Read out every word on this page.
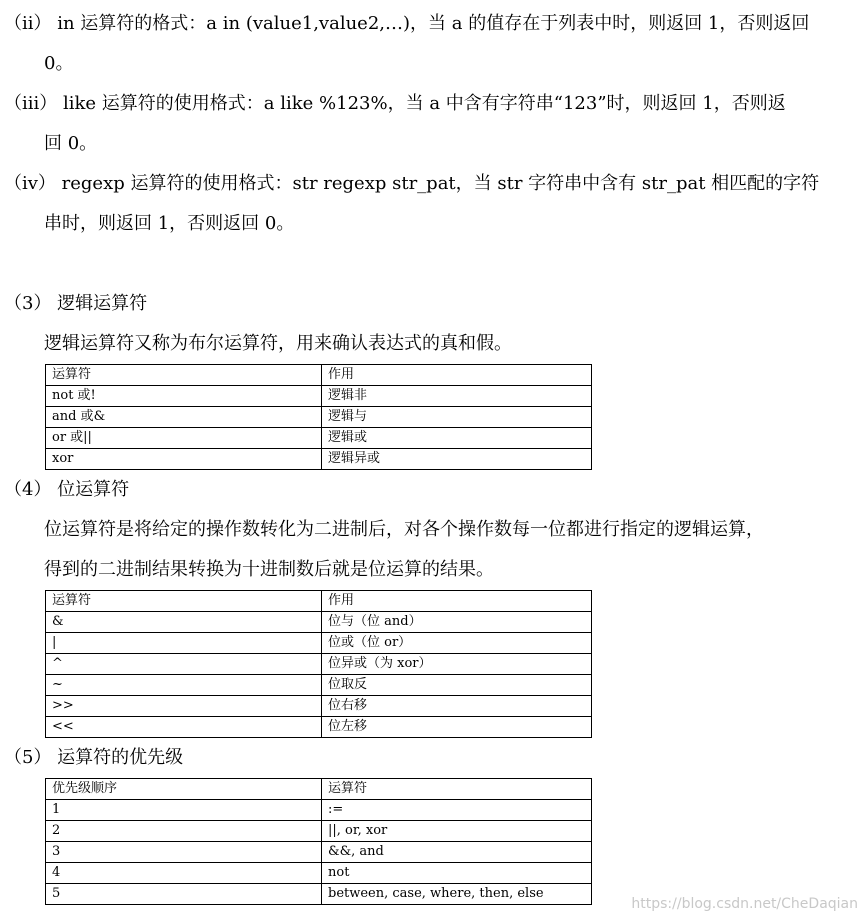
（ii） in 运算符的格式：a in (value1,value2,…)，当 a 的值存在于列表中时，则返回 1，否则返回
0。
（iii） like 运算符的使用格式：a like %123%，当 a 中含有字符串“123”时，则返回 1，否则返
回 0。
（iv） regexp 运算符的使用格式：str regexp str_pat，当 str 字符串中含有 str_pat 相匹配的字符
串时，则返回 1，否则返回 0。
（3） 逻辑运算符
逻辑运算符又称为布尔运算符，用来确认表达式的真和假。
运算符	作用
not 或!	逻辑非
and 或&	逻辑与
or 或||	逻辑或
xor	逻辑异或
（4） 位运算符
位运算符是将给定的操作数转化为二进制后，对各个操作数每一位都进行指定的逻辑运算，
得到的二进制结果转换为十进制数后就是位运算的结果。
运算符	作用
&	位与（位 and）
|	位或（位 or）
^	位异或（为 xor）
~	位取反
>>	位右移
<<	位左移
（5） 运算符的优先级
优先级顺序	运算符
1	:=
2	||, or, xor
3	&&, and
4	not
5	between, case, where, then, else
https://blog.csdn.net/CheDaqian
